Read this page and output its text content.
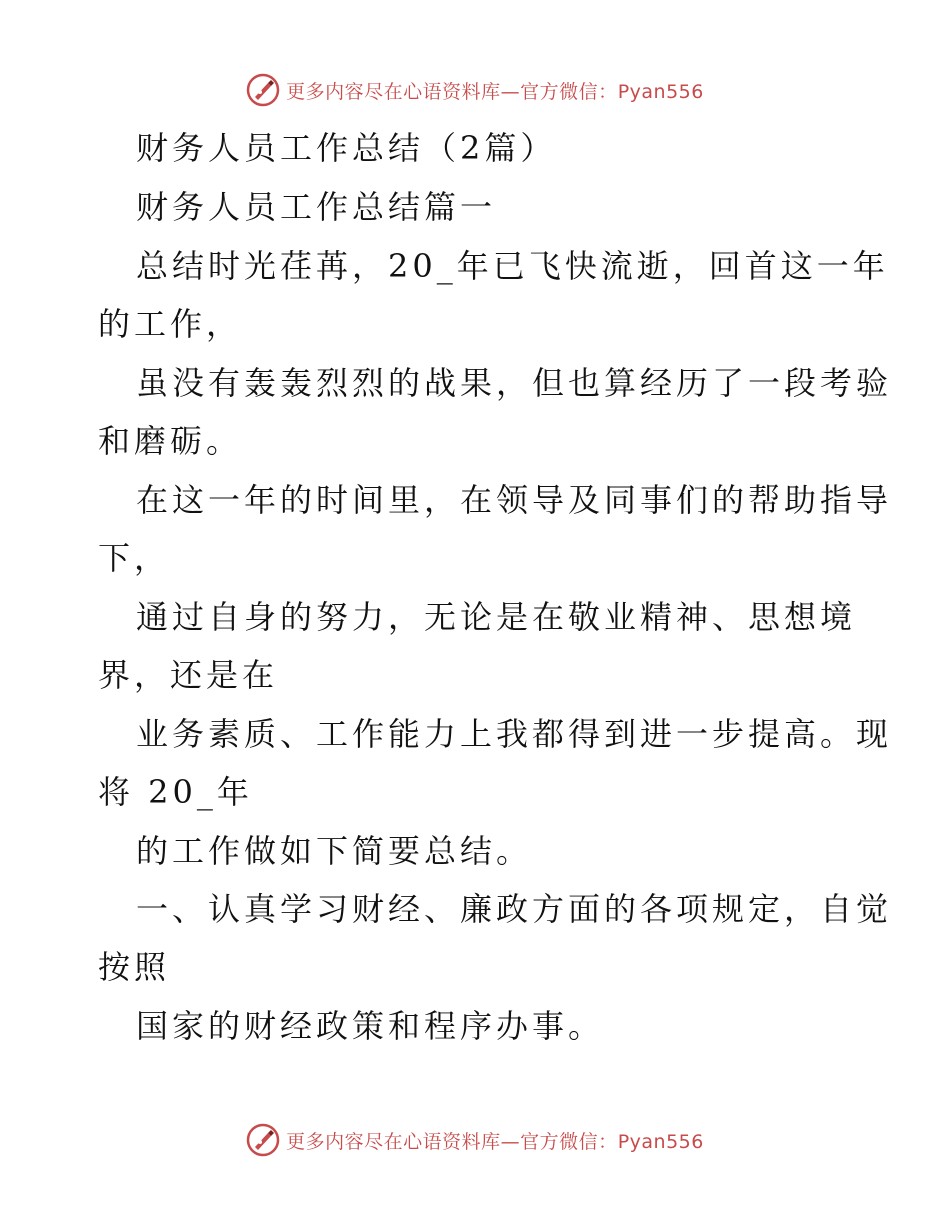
更多内容尽在心语资料库—官方微信：Pyan556
财务人员工作总结（2篇）
财务人员工作总结篇一
总结时光荏苒，20_年已飞快流逝，回首这一年
的工作，
虽没有轰轰烈烈的战果，但也算经历了一段考验
和磨砺。
在这一年的时间里，在领导及同事们的帮助指导
下，
通过自身的努力，无论是在敬业精神、思想境
界，还是在
业务素质、工作能力上我都得到进一步提高。现
将 20_年
的工作做如下简要总结。
一、认真学习财经、廉政方面的各项规定，自觉
按照
国家的财经政策和程序办事。
更多内容尽在心语资料库—官方微信：Pyan556
